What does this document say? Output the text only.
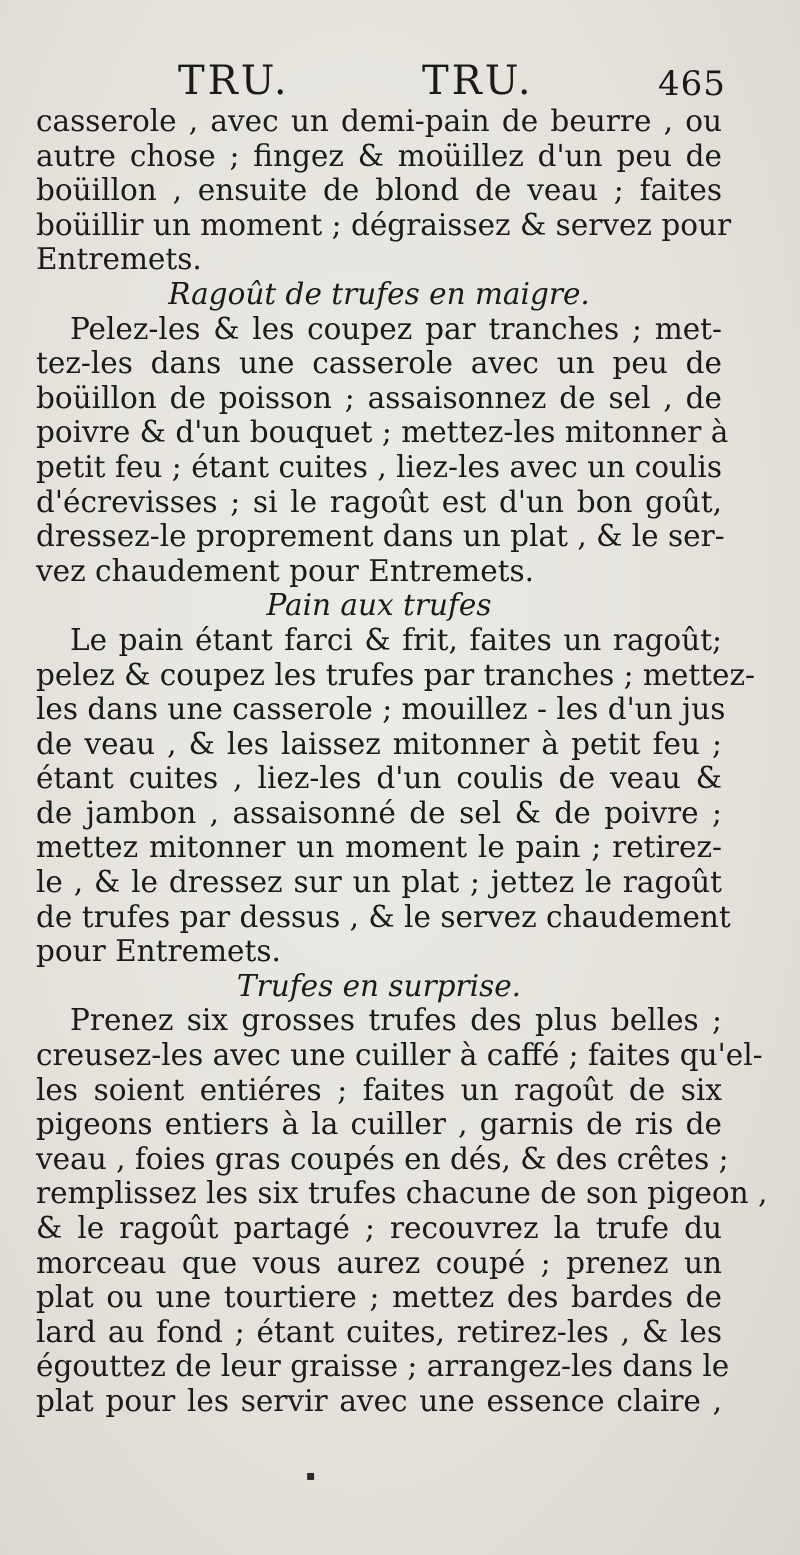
TRU.	TRU.	465
casserole , avec un demi-pain de beurre , ou
autre chose ; fingez & moüillez d'un peu de
boüillon , ensuite de blond de veau ; faites
boüillir un moment ; dégraissez & servez pour
Entremets.
Ragoût de trufes en maigre.
Pelez-les & les coupez par tranches ; met-
tez-les dans une casserole avec un peu de
boüillon de poisson ; assaisonnez de sel , de
poivre & d'un bouquet ; mettez-les mitonner à
petit feu ; étant cuites , liez-les avec un coulis
d'écrevisses ; si le ragoût est d'un bon goût,
dressez-le proprement dans un plat , & le ser-
vez chaudement pour Entremets.
Pain aux trufes
Le pain étant farci & frit, faites un ragoût;
pelez & coupez les trufes par tranches ; mettez-
les dans une casserole ; mouillez - les d'un jus
de veau , & les laissez mitonner à petit feu ;
étant cuites , liez-les d'un coulis de veau &
de jambon , assaisonné de sel & de poivre ;
mettez mitonner un moment le pain ; retirez-
le , & le dressez sur un plat ; jettez le ragoût
de trufes par dessus , & le servez chaudement
pour Entremets.
Trufes en surprise.
Prenez six grosses trufes des plus belles ;
creusez-les avec une cuiller à caffé ; faites qu'el-
les soient entiéres ; faites un ragoût de six
pigeons entiers à la cuiller , garnis de ris de
veau , foies gras coupés en dés, & des crêtes ;
remplissez les six trufes chacune de son pigeon ,
& le ragoût partagé ; recouvrez la trufe du
morceau que vous aurez coupé ; prenez un
plat ou une tourtiere ; mettez des bardes de
lard au fond ; étant cuites, retirez-les , & les
égouttez de leur graisse ; arrangez-les dans le
plat pour les servir avec une essence claire ,
▪
